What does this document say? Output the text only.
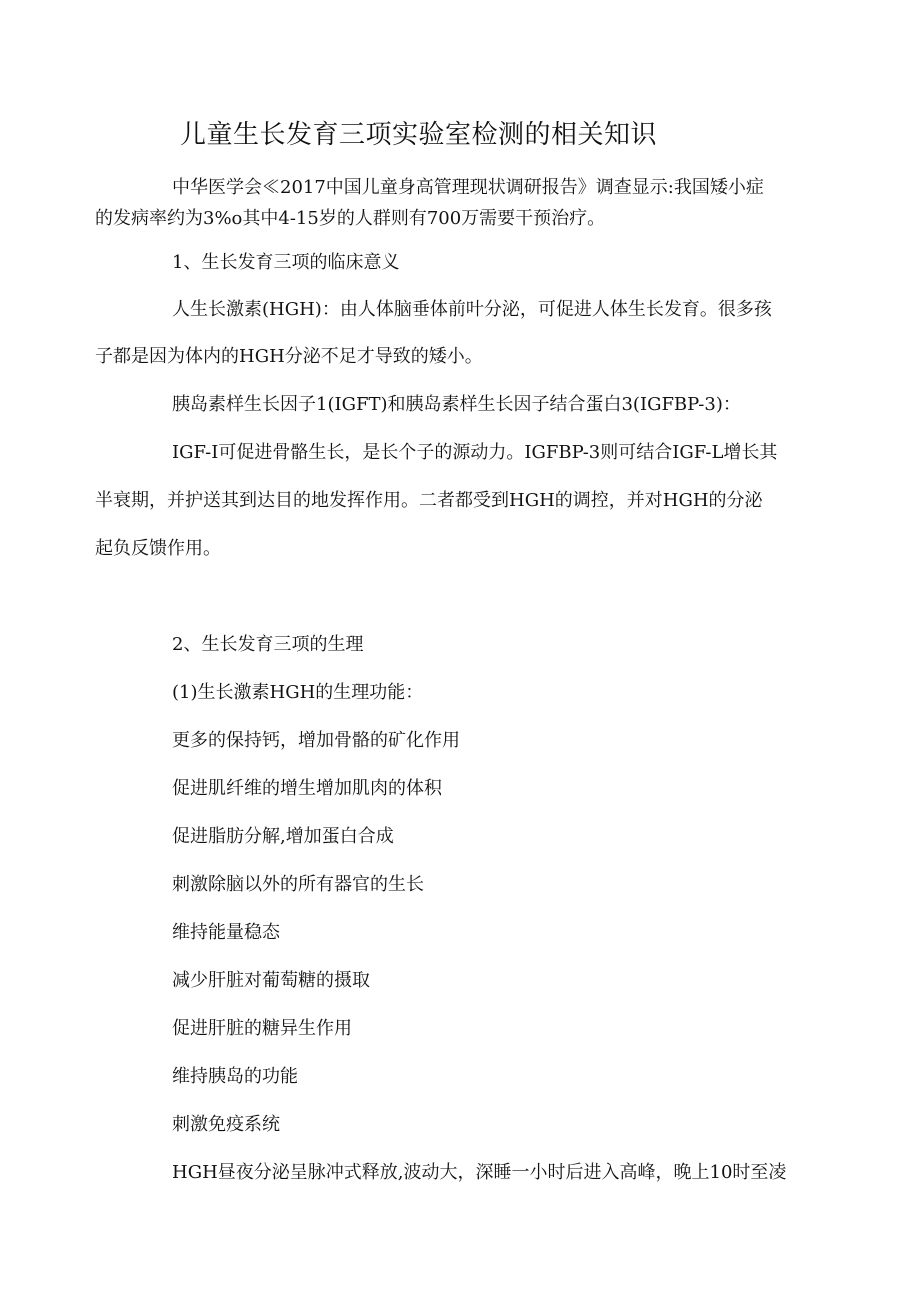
儿童生长发育三项实验室检测的相关知识
中华医学会≪2017中国儿童身高管理现状调研报告》调查显示:我国矮小症
的发病率约为3%o其中4-15岁的人群则有700万需要干预治疗。
1、生长发育三项的临床意义
人生长激素(HGH)：由人体脑垂体前叶分泌，可促进人体生长发育。很多孩
子都是因为体内的HGH分泌不足才导致的矮小。
胰岛素样生长因子1(IGFT)和胰岛素样生长因子结合蛋白3(IGFBP-3)：
IGF-I可促进骨骼生长，是长个子的源动力。IGFBP-3则可结合IGF-L增长其
半衰期，并护送其到达目的地发挥作用。二者都受到HGH的调控，并对HGH的分泌
起负反馈作用。
2、生长发育三项的生理
(1)生长激素HGH的生理功能：
更多的保持钙，增加骨骼的矿化作用
促进肌纤维的增生增加肌肉的体积
促进脂肪分解,增加蛋白合成
刺激除脑以外的所有器官的生长
维持能量稳态
减少肝脏对葡萄糖的摄取
促进肝脏的糖异生作用
维持胰岛的功能
刺激免疫系统
HGH昼夜分泌呈脉冲式释放,波动大，深睡一小时后进入高峰，晚上10时至凌
